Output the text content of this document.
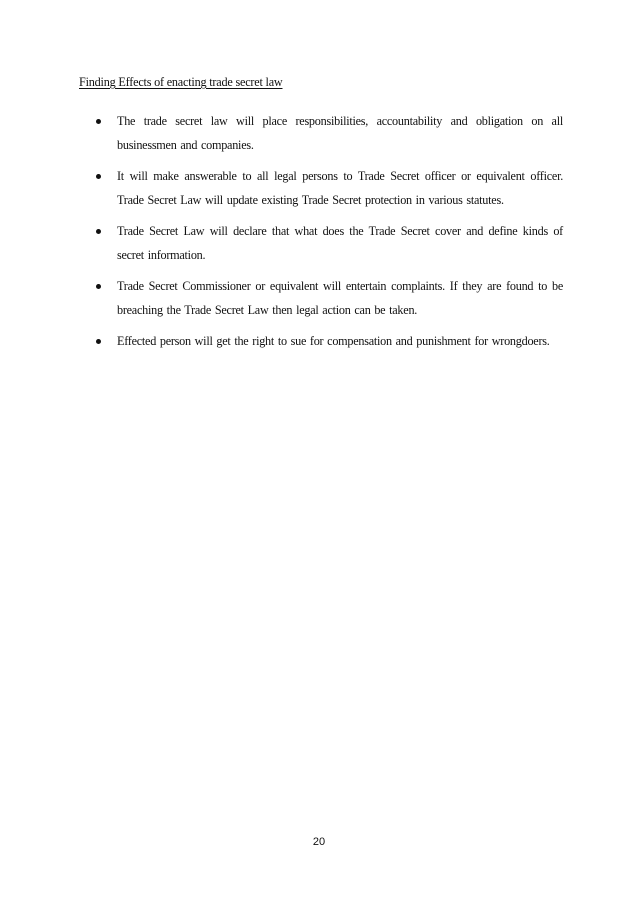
Finding Effects of enacting trade secret law
The trade secret law will place responsibilities, accountability and obligation on all businessmen and companies.
It will make answerable to all legal persons to Trade Secret officer or equivalent officer. Trade Secret Law will update existing Trade Secret protection in various statutes.
Trade Secret Law will declare that what does the Trade Secret cover and define kinds of secret information.
Trade Secret Commissioner or equivalent will entertain complaints. If they are found to be breaching the Trade Secret Law then legal action can be taken.
Effected person will get the right to sue for compensation and punishment for wrongdoers.
20
